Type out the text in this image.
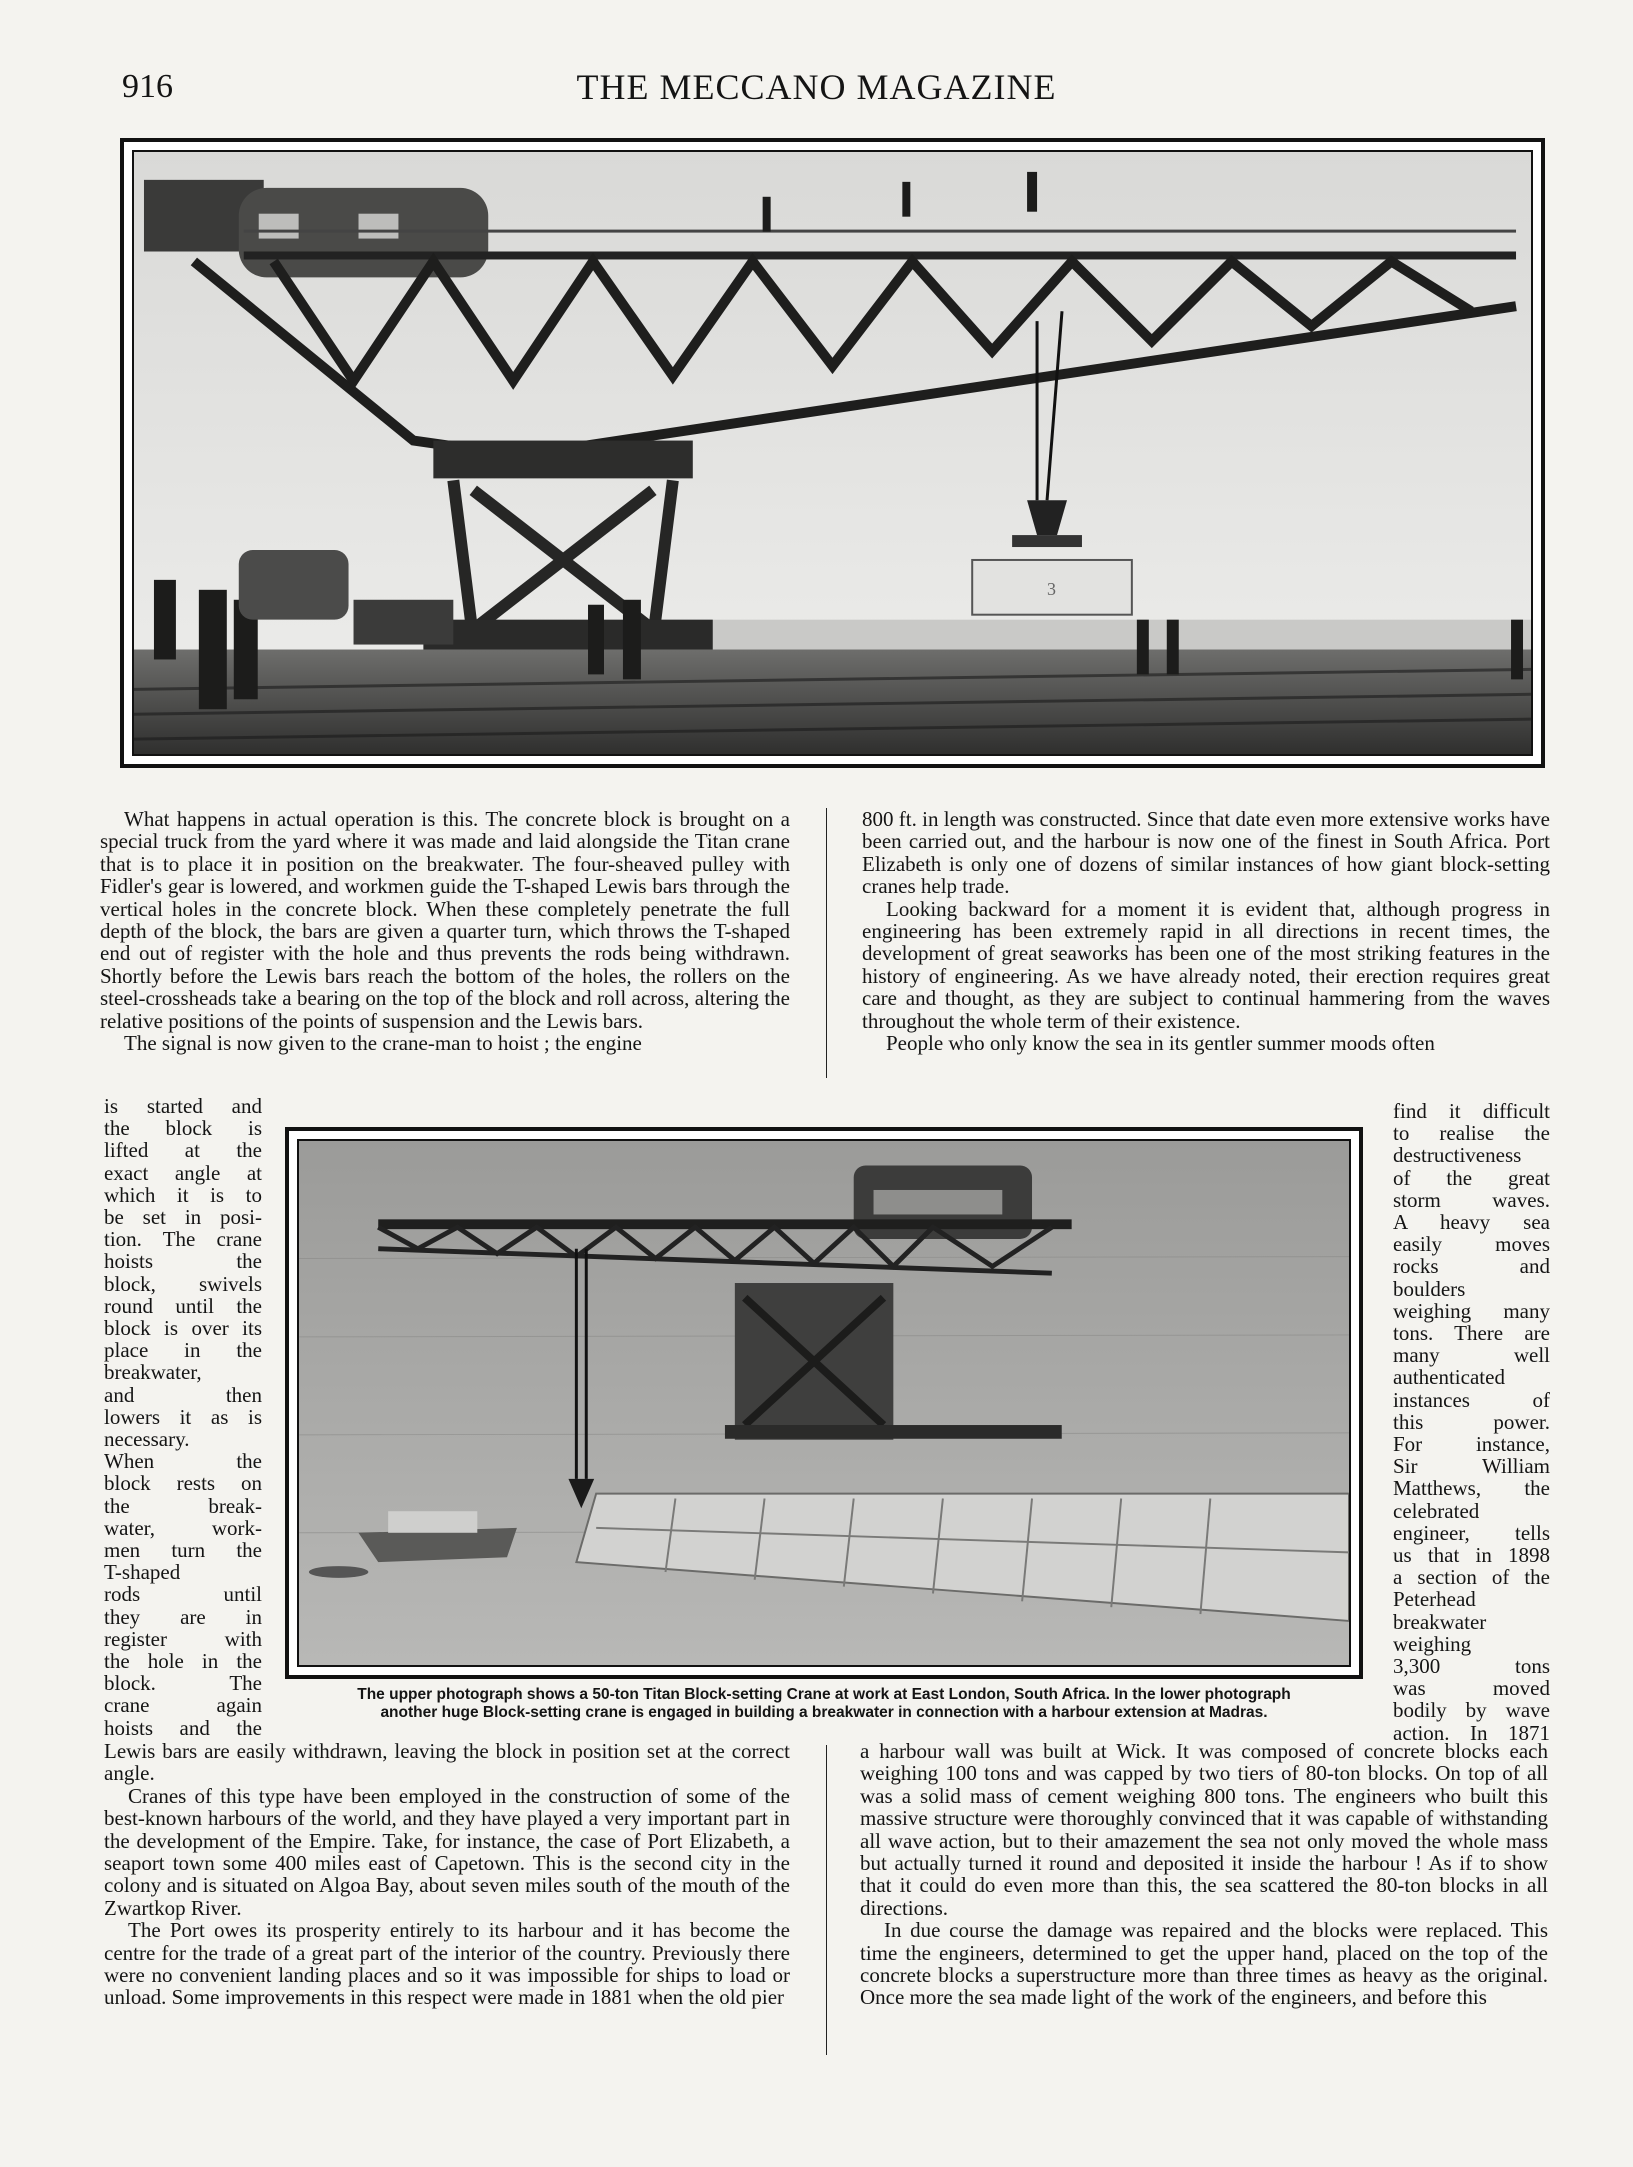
916	THE MECCANO MAGAZINE
3

What happens in actual operation is this. The concrete block is brought on a special truck from the yard where it was made and laid alongside the Titan crane that is to place it in position on the breakwater. The four-sheaved pulley with Fidler's gear is lowered, and workmen guide the T-shaped Lewis bars through the vertical holes in the concrete block. When these completely penetrate the full depth of the block, the bars are given a quarter turn, which throws the T-shaped end out of register with the hole and thus prevents the rods being withdrawn. Shortly before the Lewis bars reach the bottom of the holes, the rollers on the steel-crossheads take a bearing on the top of the block and roll across, altering the relative positions of the points of suspension and the Lewis bars.

The signal is now given to the crane-man to hoist ; the engine

800 ft. in length was constructed. Since that date even more extensive works have been carried out, and the harbour is now one of the finest in South Africa. Port Elizabeth is only one of dozens of similar instances of how giant block-setting cranes help trade.

Looking backward for a moment it is evident that, although progress in engineering has been extremely rapid in all directions in recent times, the development of great seaworks has been one of the most striking features in the history of engineering. As we have already noted, their erection requires great care and thought, as they are subject to continual hammering from the waves throughout the whole term of their existence.

People who only know the sea in its gentler summer moods often

is started and
the block is
lifted at the
exact angle at
which it is to
be set in posi-
tion. The crane
hoists the
block, swivels
round until the
block is over its
place in the
breakwater,
and then
lowers it as is
necessary.
When the
block rests on
the break-
water, work-
men turn the
T-shaped
rods until
they are in
register with
the hole in the
block. The
crane again
hoists and the
find it difficult
to realise the
destructiveness
of the great
storm waves.
A heavy sea
easily moves
rocks and
boulders
weighing many
tons. There are
many well
authenticated
instances of
this power.
For instance,
Sir William
Matthews, the
celebrated
engineer, tells
us that in 1898
a section of the
Peterhead
breakwater
weighing
3,300 tons
was moved
bodily by wave
action. In 1871
The upper photograph shows a 50-ton Titan Block-setting Crane at work at East London, South Africa. In the lower photograph
another huge Block-setting crane is engaged in building a breakwater in connection with a harbour extension at Madras.

Lewis bars are easily withdrawn, leaving the block in position set at the correct angle.

Cranes of this type have been employed in the construction of some of the best-known harbours of the world, and they have played a very important part in the development of the Empire. Take, for instance, the case of Port Elizabeth, a seaport town some 400 miles east of Capetown. This is the second city in the colony and is situated on Algoa Bay, about seven miles south of the mouth of the Zwartkop River.

The Port owes its prosperity entirely to its harbour and it has become the centre for the trade of a great part of the interior of the country. Previously there were no convenient landing places and so it was impossible for ships to load or unload. Some improvements in this respect were made in 1881 when the old pier

a harbour wall was built at Wick. It was composed of concrete blocks each weighing 100 tons and was capped by two tiers of 80-ton blocks. On top of all was a solid mass of cement weighing 800 tons. The engineers who built this massive structure were thoroughly convinced that it was capable of withstanding all wave action, but to their amazement the sea not only moved the whole mass but actually turned it round and deposited it inside the harbour ! As if to show that it could do even more than this, the sea scattered the 80-ton blocks in all directions.

In due course the damage was repaired and the blocks were replaced. This time the engineers, determined to get the upper hand, placed on the top of the concrete blocks a superstructure more than three times as heavy as the original. Once more the sea made light of the work of the engineers, and before this
